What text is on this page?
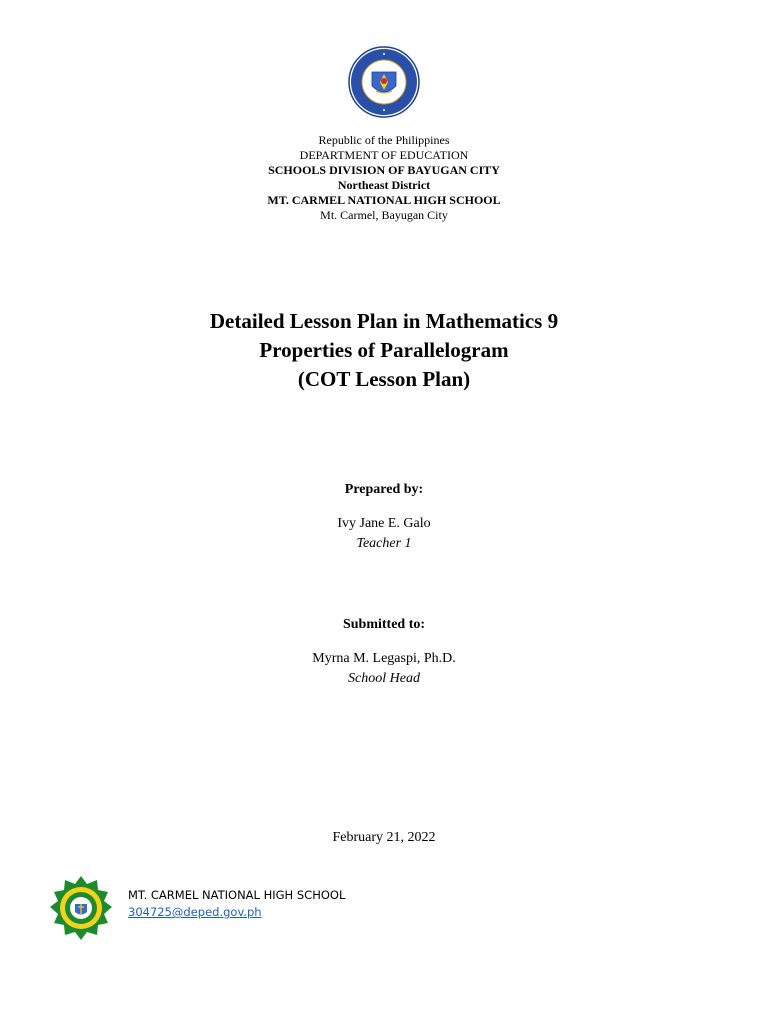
Republic of the Philippines
DEPARTMENT OF EDUCATION
SCHOOLS DIVISION OF BAYUGAN CITY
Northeast District
MT. CARMEL NATIONAL HIGH SCHOOL
Mt. Carmel, Bayugan City
Detailed Lesson Plan in Mathematics 9
Properties of Parallelogram
(COT Lesson Plan)
Prepared by:
Ivy Jane E. Galo
Teacher 1
Submitted to:
Myrna M. Legaspi, Ph.D.
School Head
February 21, 2022
MT. CARMEL NATIONAL HIGH SCHOOL
304725@deped.gov.ph
